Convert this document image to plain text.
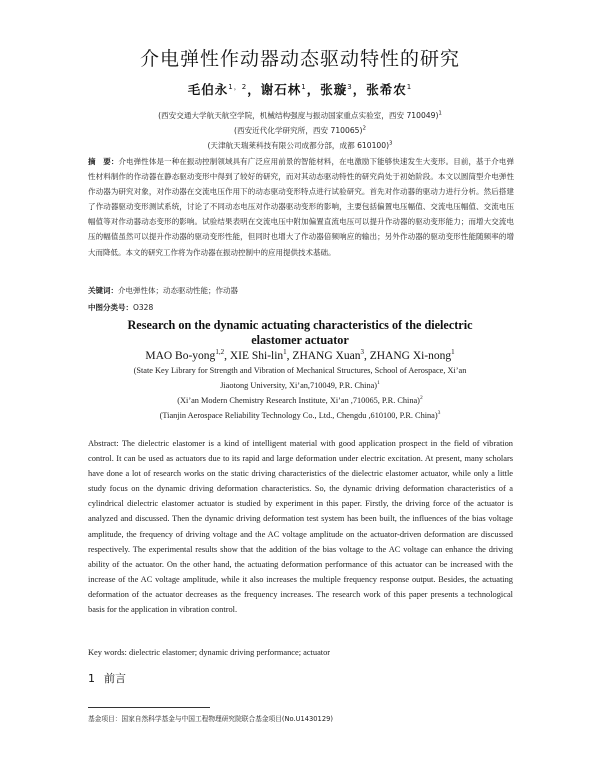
介电弹性作动器动态驱动特性的研究
毛伯永$^{1,2}$，谢石林$^1$，张璇$^3$，张希农$^1$
(西安交通大学航天航空学院，机械结构强度与振动国家重点实验室，西安 710049)$^1$
(西安近代化学研究所，西安 710065)$^2$
(天津航天瑞莱科技有限公司成都分部，成都 610100)$^3$
摘　要：介电弹性体是一种在振动控制领域具有广泛应用前景的智能材料，在电激励下能够快速发生大变形。目前，基于介电弹性材料制作的作动器在静态驱动变形中得到了较好的研究，而对其动态驱动特性的研究尚处于初始阶段。本文以圆筒型介电弹性作动器为研究对象，对作动器在交流电压作用下的动态驱动变形特点进行试验研究。首先对作动器的驱动力进行分析。然后搭建了作动器驱动变形测试系统，讨论了不同动态电压对作动器驱动变形的影响，主要包括偏置电压幅值、交流电压幅值、交流电压幅值等对作动器动态变形的影响。试验结果表明在交流电压中附加偏置直流电压可以提升作动器的驱动变形能力；而增大交流电压的幅值虽然可以提升作动器的驱动变形性能，但同时也增大了作动器倍频响应的输出；另外作动器的驱动变形性能随频率的增大而降低。本文的研究工作将为作动器在振动控制中的应用提供技术基础。
关键词：介电弹性体；动态驱动性能；作动器
中图分类号：O328
Research on the dynamic actuating characteristics of the dielectric elastomer actuator
MAO Bo-yong$^{1,2}$, XIE Shi-lin$^1$, ZHANG Xuan$^3$, ZHANG Xi-nong$^1$
(State Key Library for Strength and Vibration of Mechanical Structures, School of Aerospace, Xi’an
Jiaotong University, Xi’an,710049, P.R. China)$^1$
(Xi’an Modern Chemistry Research Institute, Xi’an ,710065, P.R. China)$^2$
(Tianjin Aerospace Reliability Technology Co., Ltd., Chengdu ,610100, P.R. China)$^3$
Abstract: The dielectric elastomer is a kind of intelligent material with good application prospect in the field of vibration control. It can be used as actuators due to its rapid and large deformation under electric excitation. At present, many scholars have done a lot of research works on the static driving characteristics of the dielectric elastomer actuator, while only a little study focus on the dynamic driving deformation characteristics. So, the dynamic driving deformation characteristics of a cylindrical dielectric elastomer actuator is studied by experiment in this paper. Firstly, the driving force of the actuator is analyzed and discussed. Then the dynamic driving deformation test system has been built, the influences of the bias voltage amplitude, the frequency of driving voltage and the AC voltage amplitude on the actuator-driven deformation are discussed respectively. The experimental results show that the addition of the bias voltage to the AC voltage can enhance the driving ability of the actuator. On the other hand, the actuating deformation performance of this actuator can be increased with the increase of the AC voltage amplitude, while it also increases the multiple frequency response output. Besides, the actuating deformation of the actuator decreases as the frequency increases. The research work of this paper presents a technological basis for the application in vibration control.
Key words: dielectric elastomer; dynamic driving performance; actuator
1 前言
基金项目：国家自然科学基金与中国工程物理研究院联合基金项目(No.U1430129)
